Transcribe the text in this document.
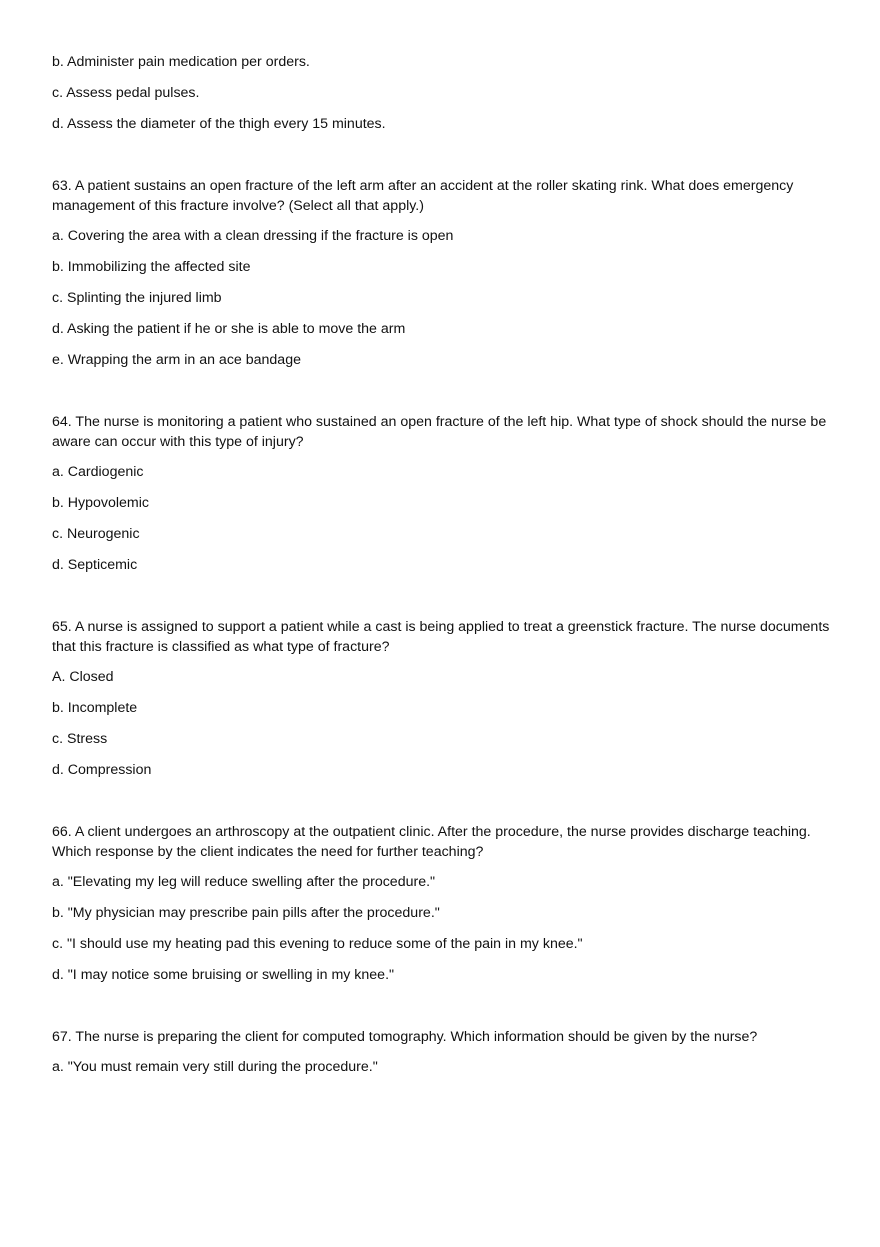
b. Administer pain medication per orders.
c. Assess pedal pulses.
d. Assess the diameter of the thigh every 15 minutes.
63. A patient sustains an open fracture of the left arm after an accident at the roller skating rink. What does emergency management of this fracture involve? (Select all that apply.)
a. Covering the area with a clean dressing if the fracture is open
b. Immobilizing the affected site
c. Splinting the injured limb
d. Asking the patient if he or she is able to move the arm
e. Wrapping the arm in an ace bandage
64. The nurse is monitoring a patient who sustained an open fracture of the left hip. What type of shock should the nurse be aware can occur with this type of injury?
a. Cardiogenic
b. Hypovolemic
c. Neurogenic
d. Septicemic
65. A nurse is assigned to support a patient while a cast is being applied to treat a greenstick fracture. The nurse documents that this fracture is classified as what type of fracture?
A. Closed
b. Incomplete
c. Stress
d. Compression
66. A client undergoes an arthroscopy at the outpatient clinic. After the procedure, the nurse provides discharge teaching. Which response by the client indicates the need for further teaching?
a. "Elevating my leg will reduce swelling after the procedure."
b. "My physician may prescribe pain pills after the procedure."
c. "I should use my heating pad this evening to reduce some of the pain in my knee."
d. "I may notice some bruising or swelling in my knee."
67. The nurse is preparing the client for computed tomography. Which information should be given by the nurse?
a. "You must remain very still during the procedure."
